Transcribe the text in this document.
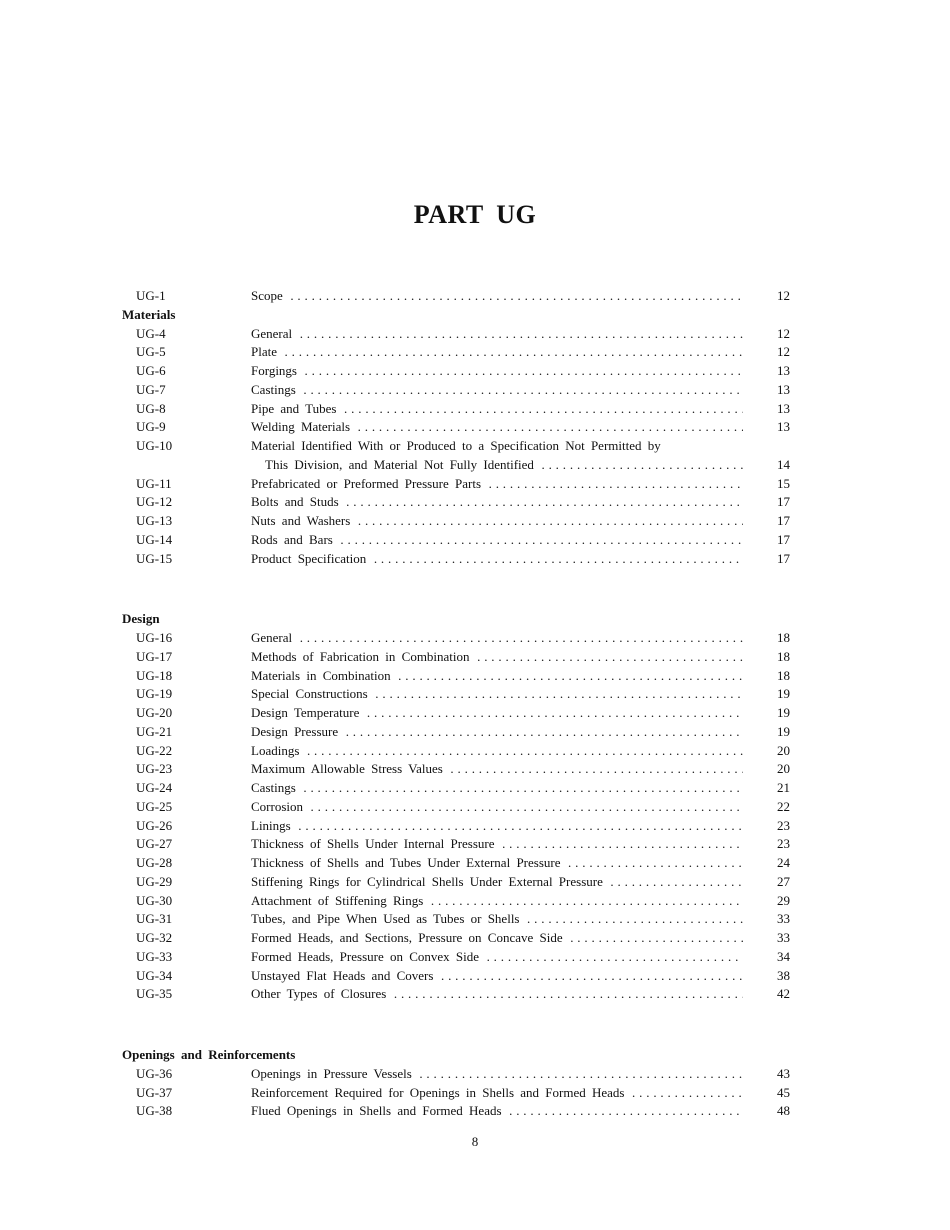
PART UG
UG-1	Scope . . .	12
Materials
UG-4	General . . .	12
UG-5	Plate . . .	12
UG-6	Forgings . . .	13
UG-7	Castings . . .	13
UG-8	Pipe and Tubes . . .	13
UG-9	Welding Materials . . .	13
UG-10	Material Identified With or Produced to a Specification Not Permitted by
This Division, and Material Not Fully Identified . . .	14
UG-11	Prefabricated or Preformed Pressure Parts . . .	15
UG-12	Bolts and Studs . . .	17
UG-13	Nuts and Washers . . .	17
UG-14	Rods and Bars . . .	17
UG-15	Product Specification . . .	17
Design
UG-16	General . . .	18
UG-17	Methods of Fabrication in Combination . . .	18
UG-18	Materials in Combination . . .	18
UG-19	Special Constructions . . .	19
UG-20	Design Temperature . . .	19
UG-21	Design Pressure . . .	19
UG-22	Loadings . . .	20
UG-23	Maximum Allowable Stress Values . . .	20
UG-24	Castings . . .	21
UG-25	Corrosion . . .	22
UG-26	Linings . . .	23
UG-27	Thickness of Shells Under Internal Pressure . . .	23
UG-28	Thickness of Shells and Tubes Under External Pressure . . .	24
UG-29	Stiffening Rings for Cylindrical Shells Under External Pressure . . .	27
UG-30	Attachment of Stiffening Rings . . .	29
UG-31	Tubes, and Pipe When Used as Tubes or Shells . . .	33
UG-32	Formed Heads, and Sections, Pressure on Concave Side . . .	33
UG-33	Formed Heads, Pressure on Convex Side . . .	34
UG-34	Unstayed Flat Heads and Covers . . .	38
UG-35	Other Types of Closures . . .	42
Openings and Reinforcements
UG-36	Openings in Pressure Vessels . . .	43
UG-37	Reinforcement Required for Openings in Shells and Formed Heads . . .	45
UG-38	Flued Openings in Shells and Formed Heads . . .	48
8
